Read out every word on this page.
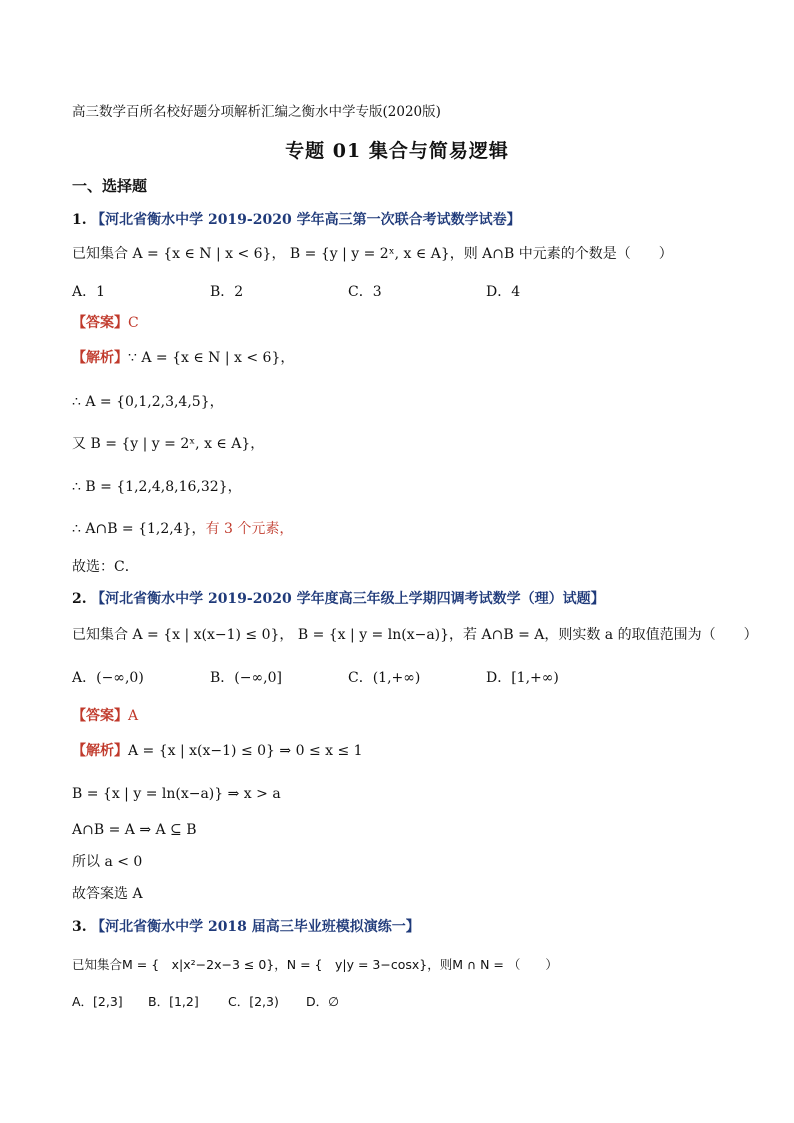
高三数学百所名校好题分项解析汇编之衡水中学专版(2020版)
专题 01 集合与简易逻辑
一、选择题
1. 【河北省衡水中学 2019-2020 学年高三第一次联合考试数学试卷】
已知集合 A = {x ∈ N | x < 6}， B = {y | y = 2ˣ, x ∈ A}，则 A∩B 中元素的个数是（　　）
A．1	B．2	C．3	D．4
【答案】C
【解析】∵ A = {x ∈ N | x < 6}，
∴ A = {0,1,2,3,4,5}，
又 B = {y | y = 2ˣ, x ∈ A}，
∴ B = {1,2,4,8,16,32}，
∴ A∩B = {1,2,4}，有 3 个元素，
故选：C．
2. 【河北省衡水中学 2019-2020 学年度高三年级上学期四调考试数学（理）试题】
已知集合 A = {x | x(x−1) ≤ 0}， B = {x | y = ln(x−a)}，若 A∩B = A，则实数 a 的取值范围为（　　）
A．(−∞,0)	B．(−∞,0]	C．(1,+∞)	D．[1,+∞)
【答案】A
【解析】A = {x | x(x−1) ≤ 0} ⇒ 0 ≤ x ≤ 1
B = {x | y = ln(x−a)} ⇒ x > a
A∩B = A ⇒ A ⊆ B
所以 a < 0
故答案选 A
3. 【河北省衡水中学 2018 届高三毕业班模拟演练一】
已知集合M = {　x|x²−2x−3 ≤ 0}，N = {　y|y = 3−cosx}，则M ∩ N = （　　）
A．[2,3] B．[1,2] C．[2,3) D．∅
